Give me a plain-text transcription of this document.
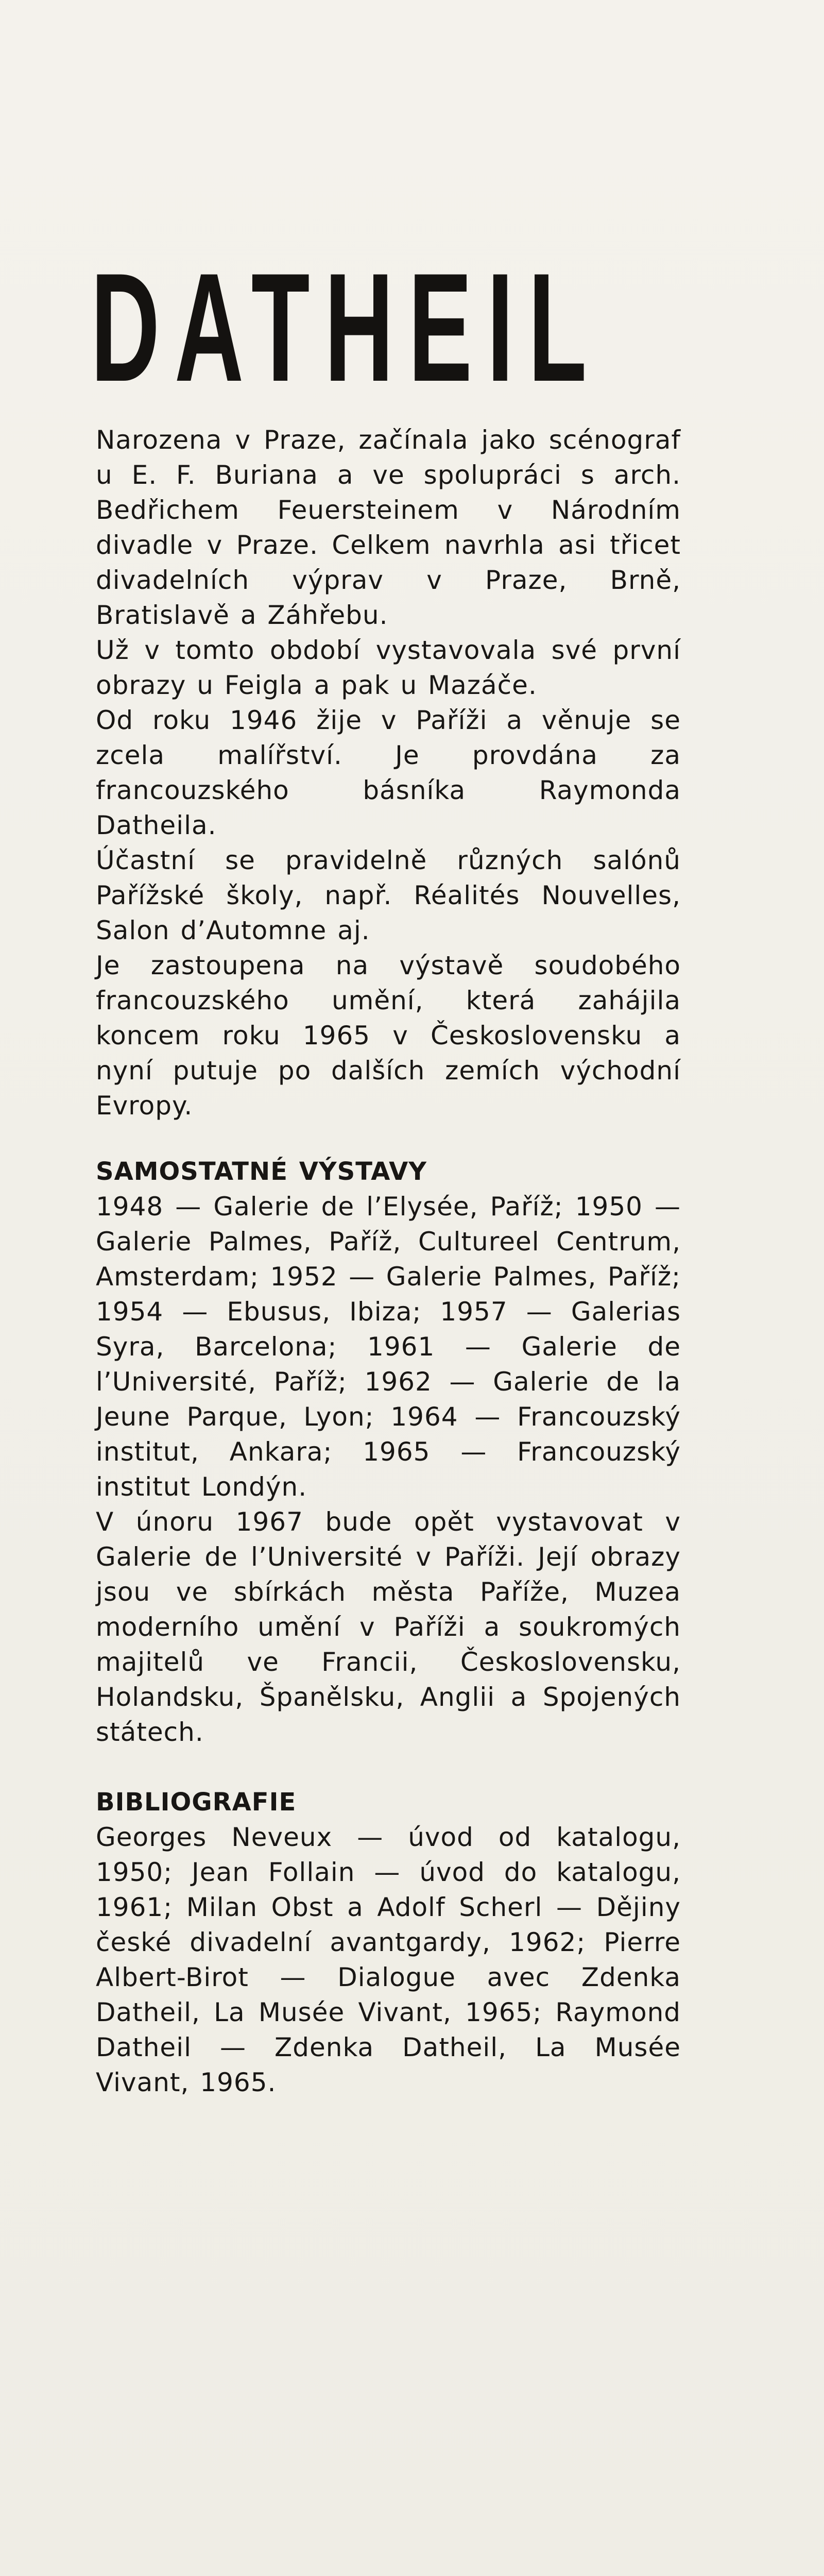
DATHEIL

Narozena v Praze, začínala jako scénograf u E. F. Buriana a ve spolupráci s arch. Bedřichem Feuersteinem v Národním divadle v Praze. Celkem navrhla asi třicet divadelních výprav v Praze, Brně, Bratislavě a Záhřebu.

Už v tomto období vystavovala své první obrazy u Feigla a pak u Mazáče.

Od roku 1946 žije v Paříži a věnuje se zcela malířství. Je provdána za francouzského básníka Raymonda Datheila.

Účastní se pravidelně různých salónů Pařížské školy, např. Réalités Nouvelles, Salon d’Automne aj.

Je zastoupena na výstavě soudobého francouzského umění, která zahájila koncem roku 1965 v Československu a nyní putuje po dalších zemích východní Evropy.

SAMOSTATNÉ VÝSTAVY

1948 — Galerie de l’Elysée, Paříž; 1950 — Galerie Palmes, Paříž, Cultureel Centrum, Amsterdam; 1952 — Galerie Palmes, Paříž; 1954 — Ebusus, Ibiza; 1957 — Galerias Syra, Barcelona; 1961 — Galerie de l’Université, Paříž; 1962 — Galerie de la Jeune Parque, Lyon; 1964 — Francouzský institut, Ankara; 1965 — Francouzský institut Londýn.

V únoru 1967 bude opět vystavovat v Galerie de l’Université v Paříži. Její obrazy jsou ve sbírkách města Paříže, Muzea moderního umění v Paříži a soukromých majitelů ve Francii, Československu, Holandsku, Španělsku, Anglii a Spojených státech.

BIBLIOGRAFIE

Georges Neveux — úvod od katalogu, 1950; Jean Follain — úvod do katalogu, 1961; Milan Obst a Adolf Scherl — Dějiny české divadelní avantgardy, 1962; Pierre Albert-Birot — Dialogue avec Zdenka Datheil, La Musée Vivant, 1965; Raymond Datheil — Zdenka Datheil, La Musée Vivant, 1965.
